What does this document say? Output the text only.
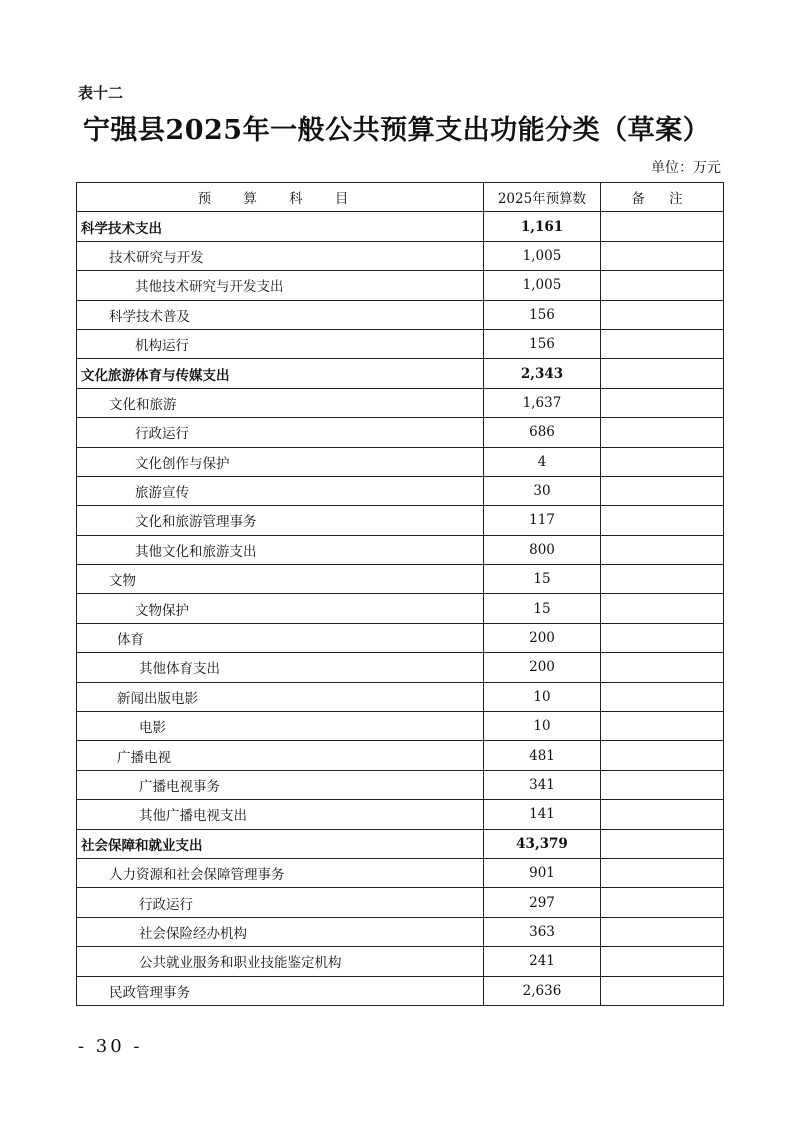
表十二
宁强县2025年一般公共预算支出功能分类（草案）
单位：万元
预 算 科 目	2025年预算数	备 注
科学技术支出	1,161	
技术研究与开发	1,005	
其他技术研究与开发支出	1,005	
科学技术普及	156	
机构运行	156	
文化旅游体育与传媒支出	2,343	
文化和旅游	1,637	
行政运行	686	
文化创作与保护	4	
旅游宣传	30	
文化和旅游管理事务	117	
其他文化和旅游支出	800	
文物	15	
文物保护	15	
体育	200	
其他体育支出	200	
新闻出版电影	10	
电影	10	
广播电视	481	
广播电视事务	341	
其他广播电视支出	141	
社会保障和就业支出	43,379	
人力资源和社会保障管理事务	901	
行政运行	297	
社会保险经办机构	363	
公共就业服务和职业技能鉴定机构	241	
民政管理事务	2,636	
- 30 -
